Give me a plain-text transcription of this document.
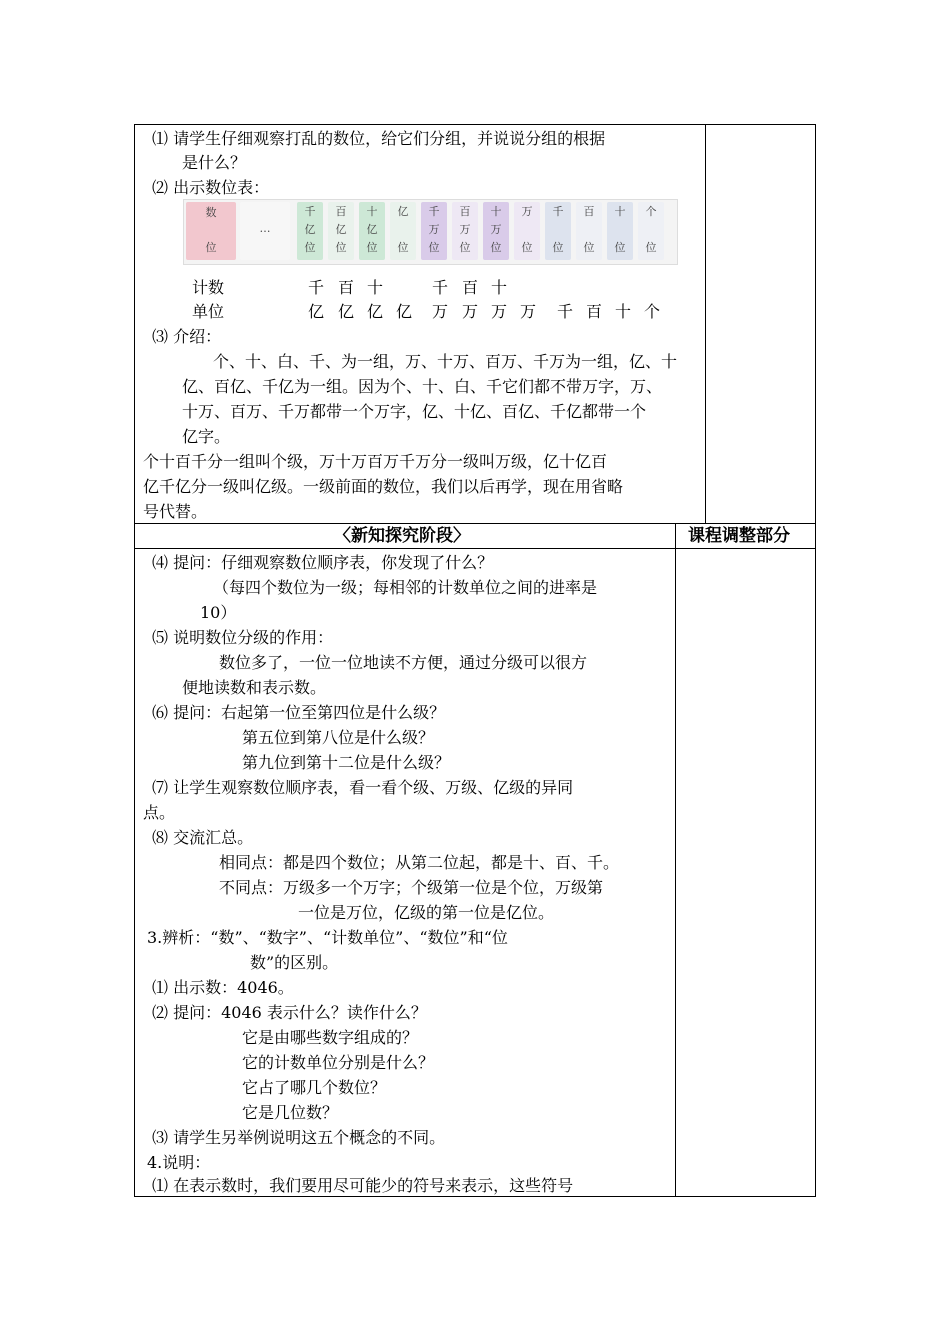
⑴ 请学生仔细观察打乱的数位，给它们分组，并说说分组的根据
是什么？
⑵ 出示数位表：
数
位
…
千
亿
位
百
亿
位
十
亿
位
亿
位
千
万
位
百
万
位
十
万
位
万
位
千
位
百
位
十
位
个
位
计数
单位
千 百 十	千 百 十
亿 亿 亿 亿 万 万 万 万 千 百 十 个
⑶ 介绍：
个、十、白、千、为一组，万、十万、百万、千万为一组，亿、十
亿、百亿、千亿为一组。因为个、十、白、千它们都不带万字，万、
十万、百万、千万都带一个万字，亿、十亿、百亿、千亿都带一个
亿字。
个十百千分一组叫个级，万十万百万千万分一级叫万级，亿十亿百
亿千亿分一级叫亿级。一级前面的数位，我们以后再学，现在用省略
号代替。
〈新知探究阶段〉	课程调整部分
⑷ 提问：仔细观察数位顺序表，你发现了什么？
（每四个数位为一级；每相邻的计数单位之间的进率是
10）
⑸ 说明数位分级的作用：
数位多了，一位一位地读不方便，通过分级可以很方
便地读数和表示数。
⑹ 提问：右起第一位至第四位是什么级？
第五位到第八位是什么级？
第九位到第十二位是什么级？
⑺ 让学生观察数位顺序表，看一看个级、万级、亿级的异同
点。
⑻ 交流汇总。
相同点：都是四个数位；从第二位起，都是十、百、千。
不同点：万级多一个万字；个级第一位是个位，万级第
一位是万位，亿级的第一位是亿位。
3.辨析：“数”、“数字”、“计数单位”、“数位”和“位
数”的区别。
⑴ 出示数：4046。
⑵ 提问：4046 表示什么？读作什么？
它是由哪些数字组成的？
它的计数单位分别是什么？
它占了哪几个数位？
它是几位数？
⑶ 请学生另举例说明这五个概念的不同。
4.说明：
⑴ 在表示数时，我们要用尽可能少的符号来表示，这些符号
